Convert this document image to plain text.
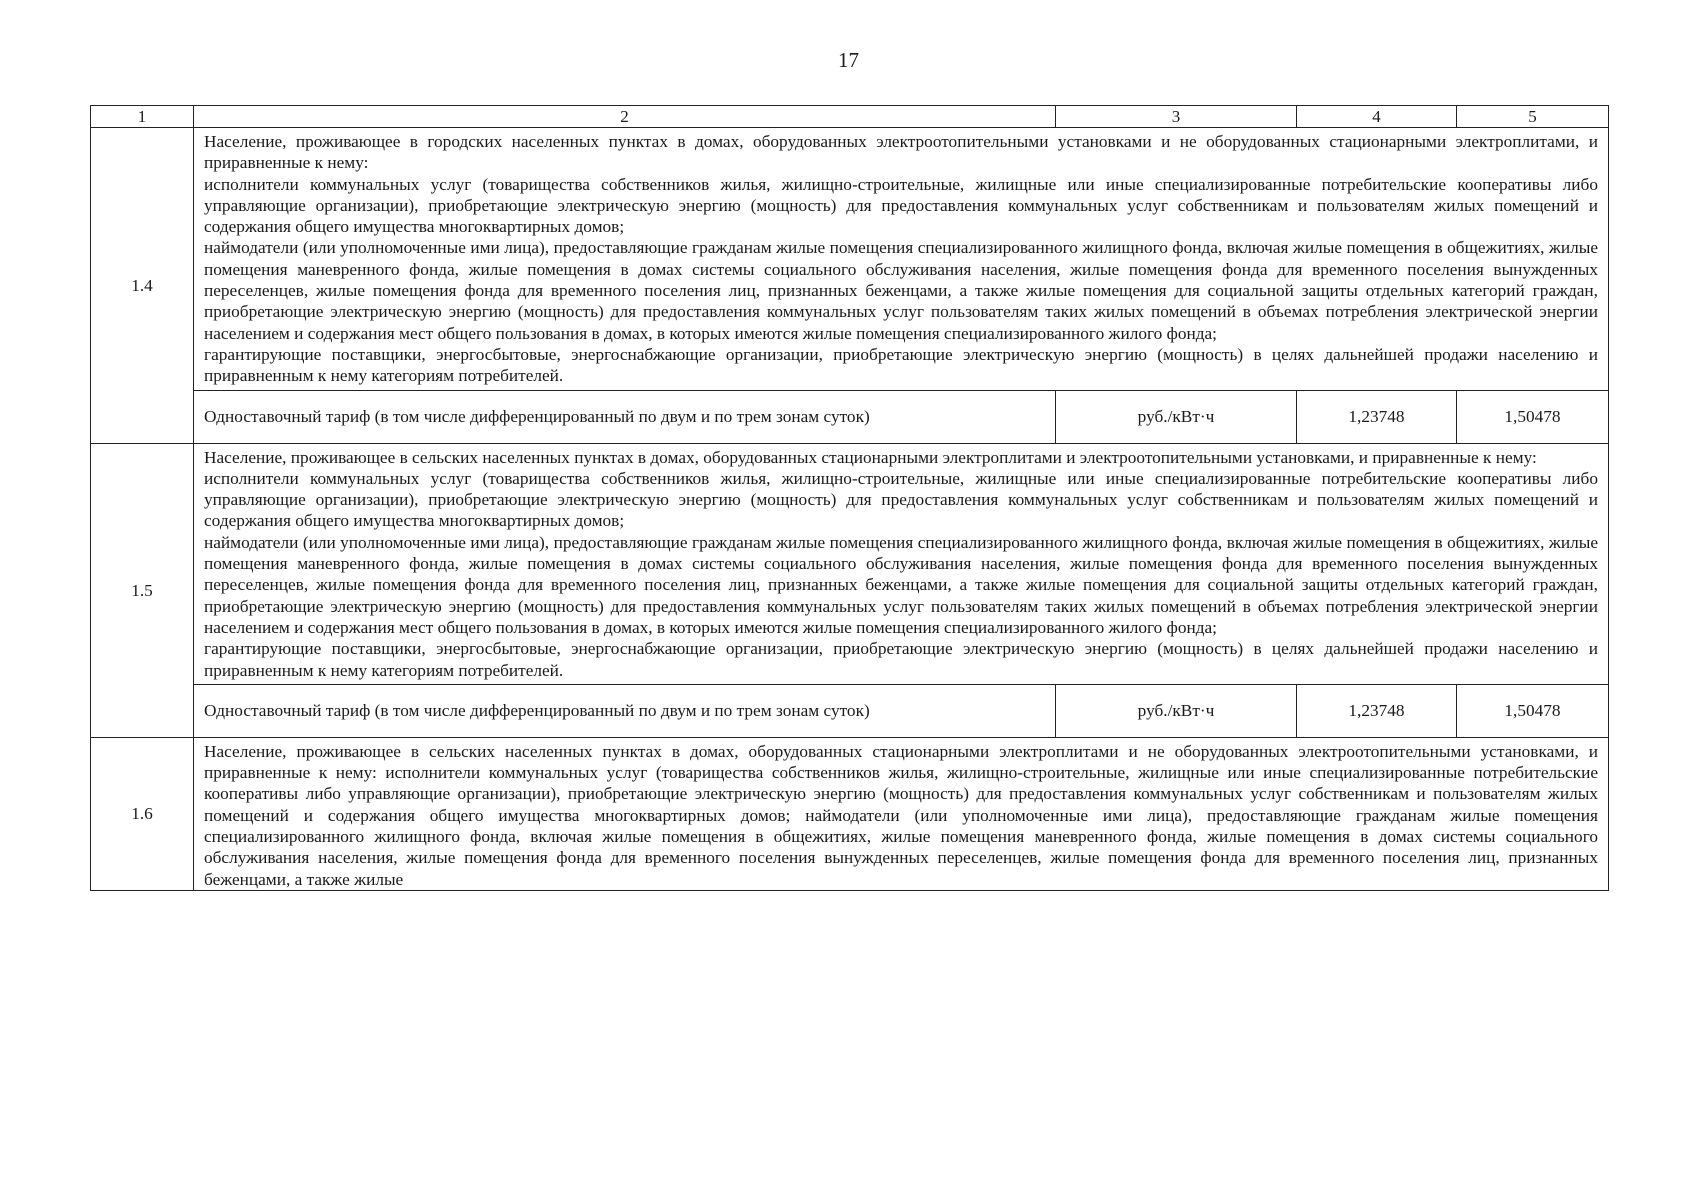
17
1	2	3	4	5
1.4	Население, проживающее в городских населенных пунктах в домах, оборудованных электроотопительными установками и не оборудованных стационарными электроплитами, и приравненные к нему:
исполнители коммунальных услуг (товарищества собственников жилья, жилищно-строительные, жилищные или иные специализированные потребительские кооперативы либо управляющие организации), приобретающие электрическую энергию (мощность) для предоставления коммунальных услуг собственникам и пользователям жилых помещений и содержания общего имущества многоквартирных домов;
наймодатели (или уполномоченные ими лица), предоставляющие гражданам жилые помещения специализированного жилищного фонда, включая жилые помещения в общежитиях, жилые помещения маневренного фонда, жилые помещения в домах системы социального обслуживания населения, жилые помещения фонда для временного поселения вынужденных переселенцев, жилые помещения фонда для временного поселения лиц, признанных беженцами, а также жилые помещения для социальной защиты отдельных категорий граждан, приобретающие электрическую энергию (мощность) для предоставления коммунальных услуг пользователям таких жилых помещений в объемах потребления электрической энергии населением и содержания мест общего пользования в домах, в которых имеются жилые помещения специализированного жилого фонда;
гарантирующие поставщики, энергосбытовые, энергоснабжающие организации, приобретающие электрическую энергию (мощность) в целях дальнейшей продажи населению и приравненным к нему категориям потребителей.			

	Одноставочный тариф (в том числе дифференцированный по двум и по трем зонам суток)	руб./кВт·ч	1,23748	1,50478
1.5	Население, проживающее в сельских населенных пунктах в домах, оборудованных стационарными электроплитами и электроотопительными установками, и приравненные к нему:
исполнители коммунальных услуг (товарищества собственников жилья, жилищно-строительные, жилищные или иные специализированные потребительские кооперативы либо управляющие организации), приобретающие электрическую энергию (мощность) для предоставления коммунальных услуг собственникам и пользователям жилых помещений и содержания общего имущества многоквартирных домов;
наймодатели (или уполномоченные ими лица), предоставляющие гражданам жилые помещения специализированного жилищного фонда, включая жилые помещения в общежитиях, жилые помещения маневренного фонда, жилые помещения в домах системы социального обслуживания населения, жилые помещения фонда для временного поселения вынужденных переселенцев, жилые помещения фонда для временного поселения лиц, признанных беженцами, а также жилые помещения для социальной защиты отдельных категорий граждан, приобретающие электрическую энергию (мощность) для предоставления коммунальных услуг пользователям таких жилых помещений в объемах потребления электрической энергии населением и содержания мест общего пользования в домах, в которых имеются жилые помещения специализированного жилого фонда;
гарантирующие поставщики, энергосбытовые, энергоснабжающие организации, приобретающие электрическую энергию (мощность) в целях дальнейшей продажи населению и приравненным к нему категориям потребителей.			

	Одноставочный тариф (в том числе дифференцированный по двум и по трем зонам суток)	руб./кВт·ч	1,23748	1,50478
1.6	Население, проживающее в сельских населенных пунктах в домах, оборудованных стационарными электроплитами и не оборудованных электроотопительными установками, и приравненные к нему: исполнители коммунальных услуг (товарищества собственников жилья, жилищно-строительные, жилищные или иные специализированные потребительские кооперативы либо управляющие организации), приобретающие электрическую энергию (мощность) для предоставления коммунальных услуг собственникам и пользователям жилых помещений и содержания общего имущества многоквартирных домов; наймодатели (или уполномоченные ими лица), предоставляющие гражданам жилые помещения специализированного жилищного фонда, включая жилые помещения в общежитиях, жилые помещения маневренного фонда, жилые помещения в домах системы социального обслуживания населения, жилые помещения фонда для временного поселения вынужденных переселенцев, жилые помещения фонда для временного поселения лиц, признанных беженцами, а также жилые			
